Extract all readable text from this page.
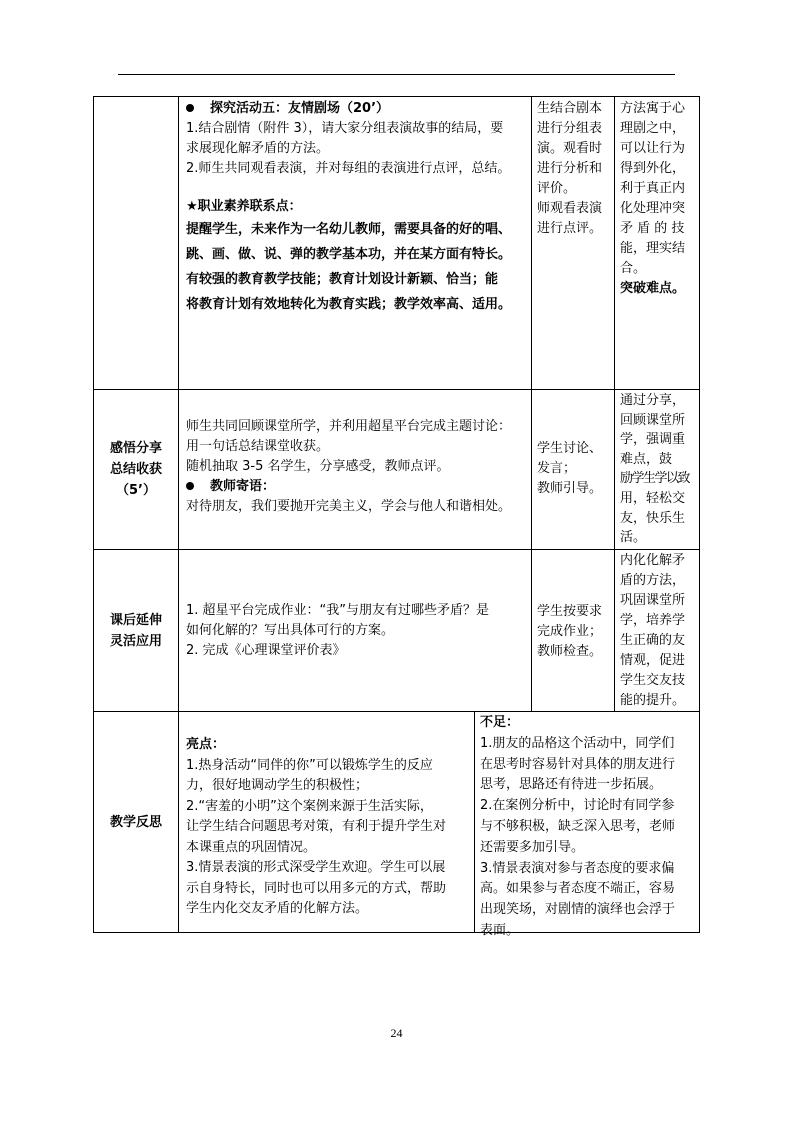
探究活动五：友情剧场（20’）

1.结合剧情（附件 3），请大家分组表演故事的结局，要

求展现化解矛盾的方法。

2.师生共同观看表演，并对每组的表演进行点评，总结。

★职业素养联系点：

提醒学生，未来作为一名幼儿教师，需要具备的好的唱、

跳、画、做、说、弹的教学基本功，并在某方面有特长。

有较强的教育教学技能；教育计划设计新颖、恰当；能

将教育计划有效地转化为教育实践；教学效率高、适用。

生结合剧本

进行分组表

演。观看时

进行分析和

评价。

师观看表演

进行点评。

方法寓于心

理剧之中，

可以让行为

得到外化，

利于真正内

化处理冲突

矛 盾 的 技

能，理实结

合。

突破难点。

感悟分享
总结收获
（5’）

师生共同回顾课堂所学，并利用超星平台完成主题讨论：

用一句话总结课堂收获。

随机抽取 3-5 名学生，分享感受，教师点评。

教师寄语：

对待朋友，我们要抛开完美主义，学会与他人和谐相处。

学生讨论、

发言；

教师引导。

通过分享，

回顾课堂所

学，强调重

难点，鼓

励学生学以致

用，轻松交

友，快乐生

活。

课后延伸
灵活应用

1. 超星平台完成作业：“我”与朋友有过哪些矛盾？是

如何化解的？写出具体可行的方案。

2. 完成《心理课堂评价表》

学生按要求

完成作业；

教师检查。

内化化解矛

盾的方法，

巩固课堂所

学，培养学

生正确的友

情观，促进

学生交友技

能的提升。

教学反思

亮点：

1.热身活动“同伴的你”可以锻炼学生的反应

力，很好地调动学生的积极性；

2.“害羞的小明”这个案例来源于生活实际，

让学生结合问题思考对策，有利于提升学生对

本课重点的巩固情况。

3.情景表演的形式深受学生欢迎。学生可以展

示自身特长，同时也可以用多元的方式，帮助

学生内化交友矛盾的化解方法。

不足：

1.朋友的品格这个活动中，同学们

在思考时容易针对具体的朋友进行

思考，思路还有待进一步拓展。

2.在案例分析中，讨论时有同学参

与不够积极，缺乏深入思考，老师

还需要多加引导。

3.情景表演对参与者态度的要求偏

高。如果参与者态度不端正，容易

出现笑场，对剧情的演绎也会浮于

表面。

24
